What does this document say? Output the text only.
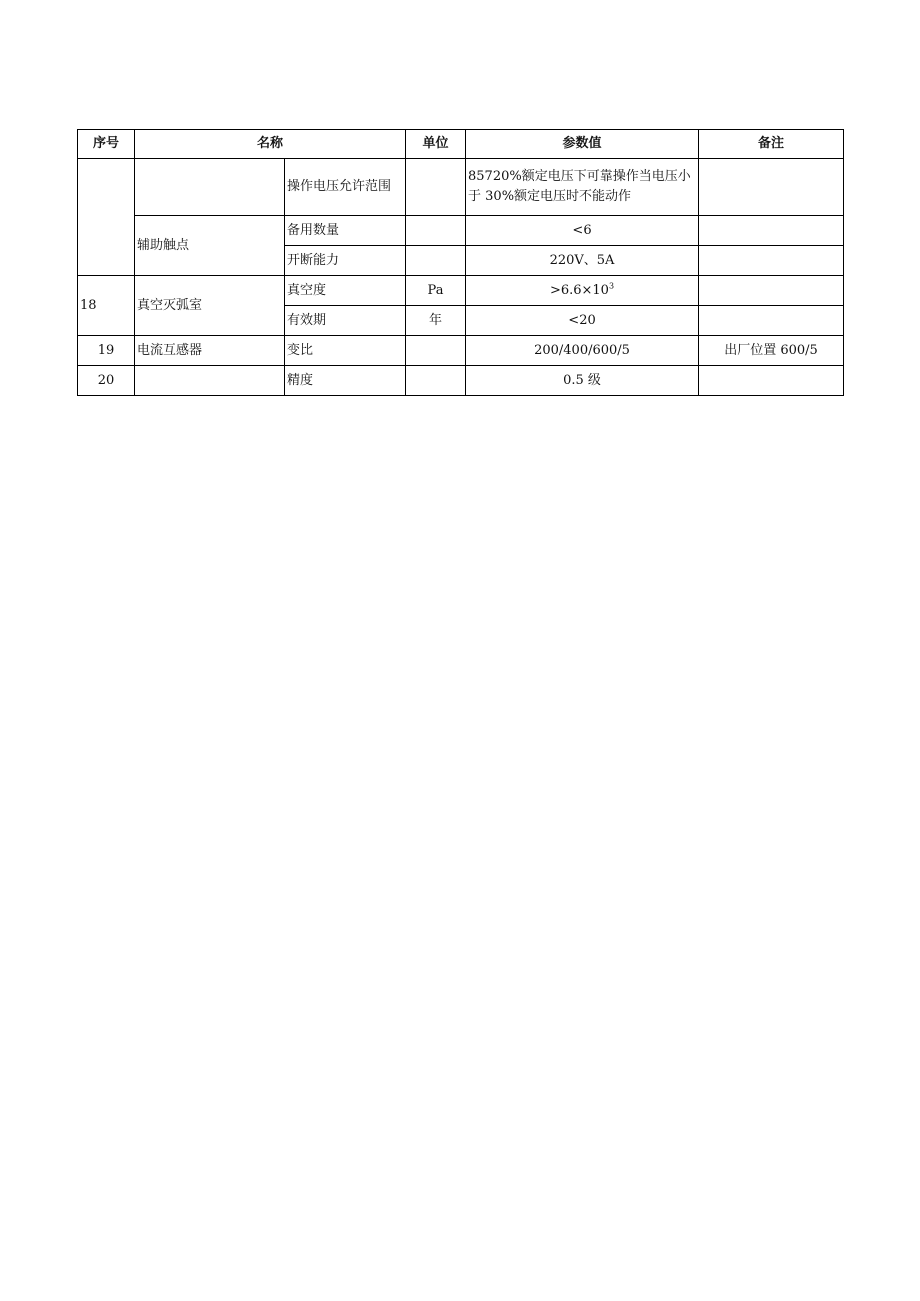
序号	名称		单位	参数值	备注
		操作电压允许范围		85720%额定电压下可靠操作当电压小于 30%额定电压时不能动作	
	辅助触点	备用数量		<6	
		开断能力		220V、5A	
18	真空灭弧室	真空度	Pa	$>6.6\times 10^3$	
		有效期	年	<20	
19	电流互感器	变比		200/400/600/5	出厂位置 600/5
20		精度		0.5 级	
